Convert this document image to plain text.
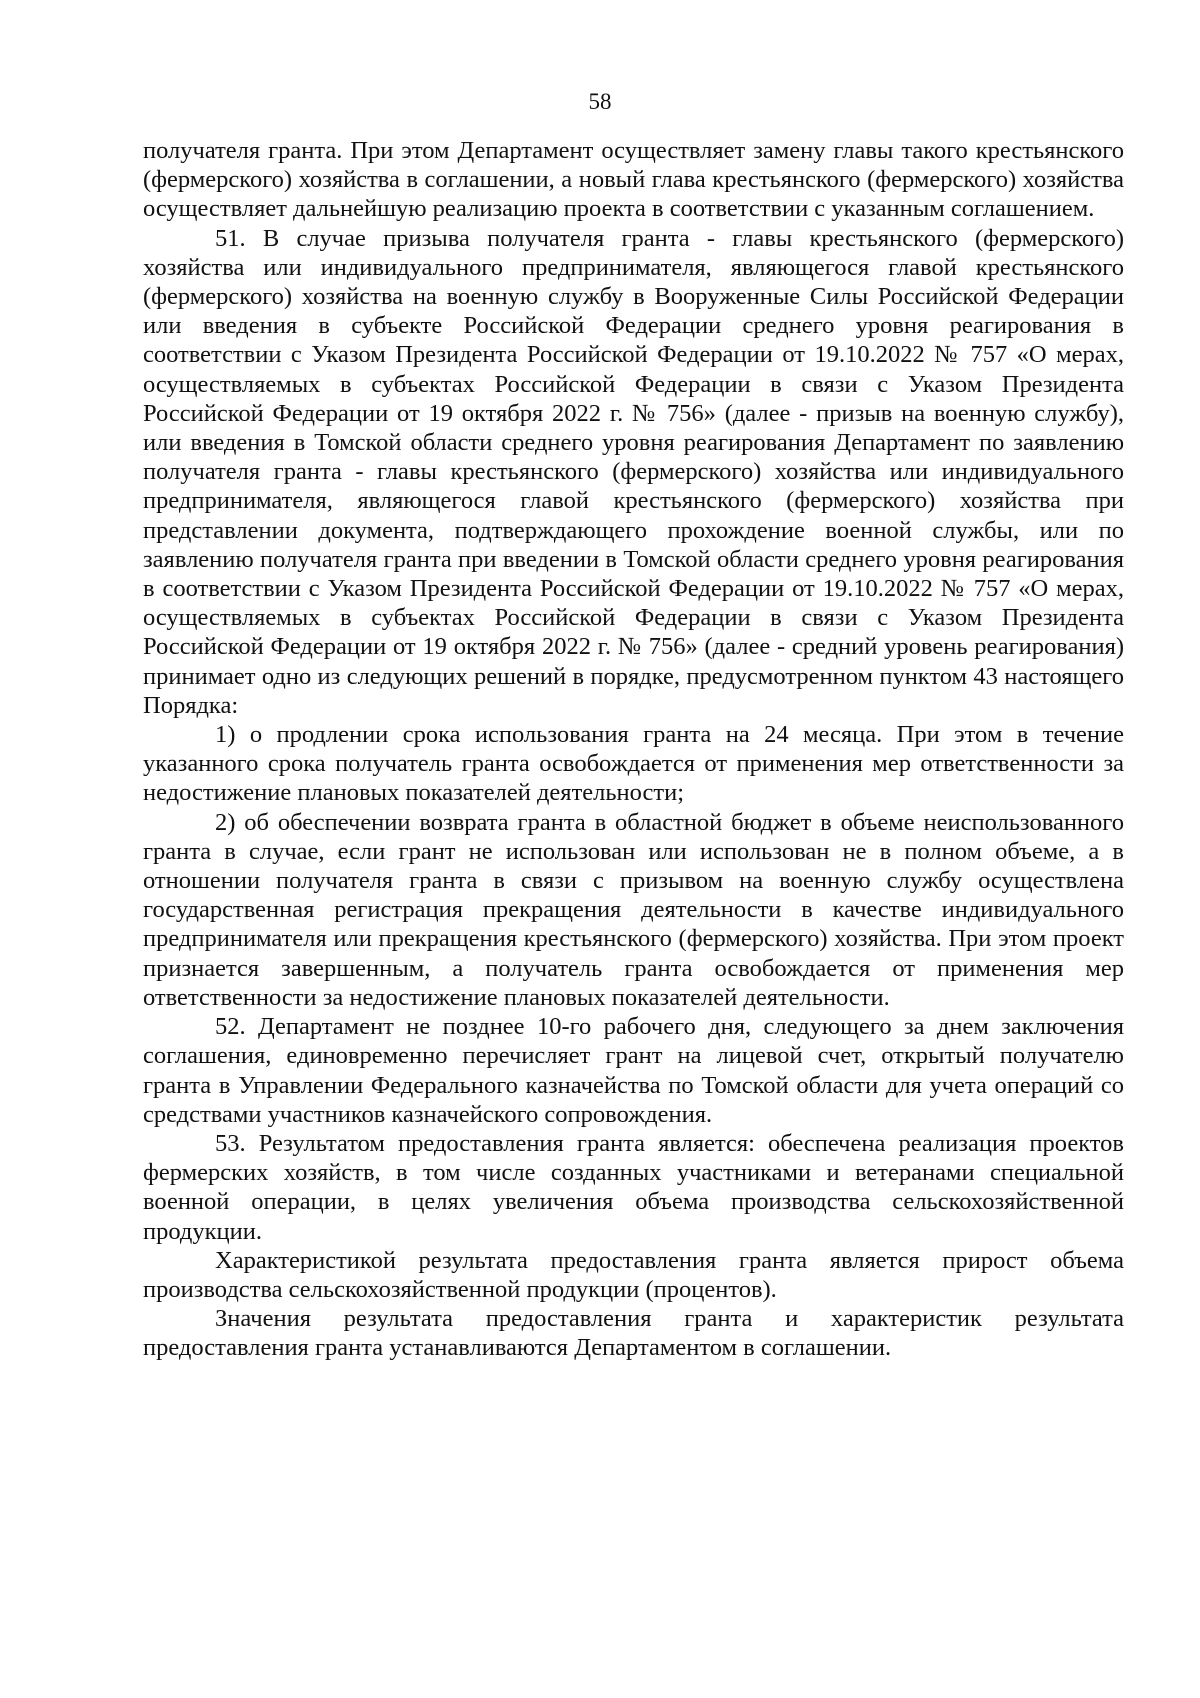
58

получателя гранта. При этом Департамент осуществляет замену главы такого крестьянского (фермерского) хозяйства в соглашении, а новый глава крестьянского (фермерского) хозяйства осуществляет дальнейшую реализацию проекта в соответствии с указанным соглашением.

51. В случае призыва получателя гранта - главы крестьянского (фермерского) хозяйства или индивидуального предпринимателя, являющегося главой крестьянского (фермерского) хозяйства на военную службу в Вооруженные Силы Российской Федерации или введения в субъекте Российской Федерации среднего уровня реагирования в соответствии с Указом Президента Российской Федерации от 19.10.2022 № 757 «О мерах, осуществляемых в субъектах Российской Федерации в связи с Указом Президента Российской Федерации от 19 октября 2022 г. № 756» (далее - призыв на военную службу), или введения в Томской области среднего уровня реагирования Департамент по заявлению получателя гранта - главы крестьянского (фермерского) хозяйства или индивидуального предпринимателя, являющегося главой крестьянского (фермерского) хозяйства при представлении документа, подтверждающего прохождение военной службы, или по заявлению получателя гранта при введении в Томской области среднего уровня реагирования в соответствии с Указом Президента Российской Федерации от 19.10.2022 № 757 «О мерах, осуществляемых в субъектах Российской Федерации в связи с Указом Президента Российской Федерации от 19 октября 2022 г. № 756» (далее - средний уровень реагирования) принимает одно из следующих решений в порядке, предусмотренном пунктом 43 настоящего Порядка:

1) о продлении срока использования гранта на 24 месяца. При этом в течение указанного срока получатель гранта освобождается от применения мер ответственности за недостижение плановых показателей деятельности;

2) об обеспечении возврата гранта в областной бюджет в объеме неиспользованного гранта в случае, если грант не использован или использован не в полном объеме, а в отношении получателя гранта в связи с призывом на военную службу осуществлена государственная регистрация прекращения деятельности в качестве индивидуального предпринимателя или прекращения крестьянского (фермерского) хозяйства. При этом проект признается завершенным, а получатель гранта освобождается от применения мер ответственности за недостижение плановых показателей деятельности.

52. Департамент не позднее 10-го рабочего дня, следующего за днем заключения соглашения, единовременно перечисляет грант на лицевой счет, открытый получателю гранта в Управлении Федерального казначейства по Томской области для учета операций со средствами участников казначейского сопровождения.

53. Результатом предоставления гранта является: обеспечена реализация проектов фермерских хозяйств, в том числе созданных участниками и ветеранами специальной военной операции, в целях увеличения объема производства сельскохозяйственной продукции.

Характеристикой результата предоставления гранта является прирост объема производства сельскохозяйственной продукции (процентов).

Значения результата предоставления гранта и характеристик результата предоставления гранта устанавливаются Департаментом в соглашении.
